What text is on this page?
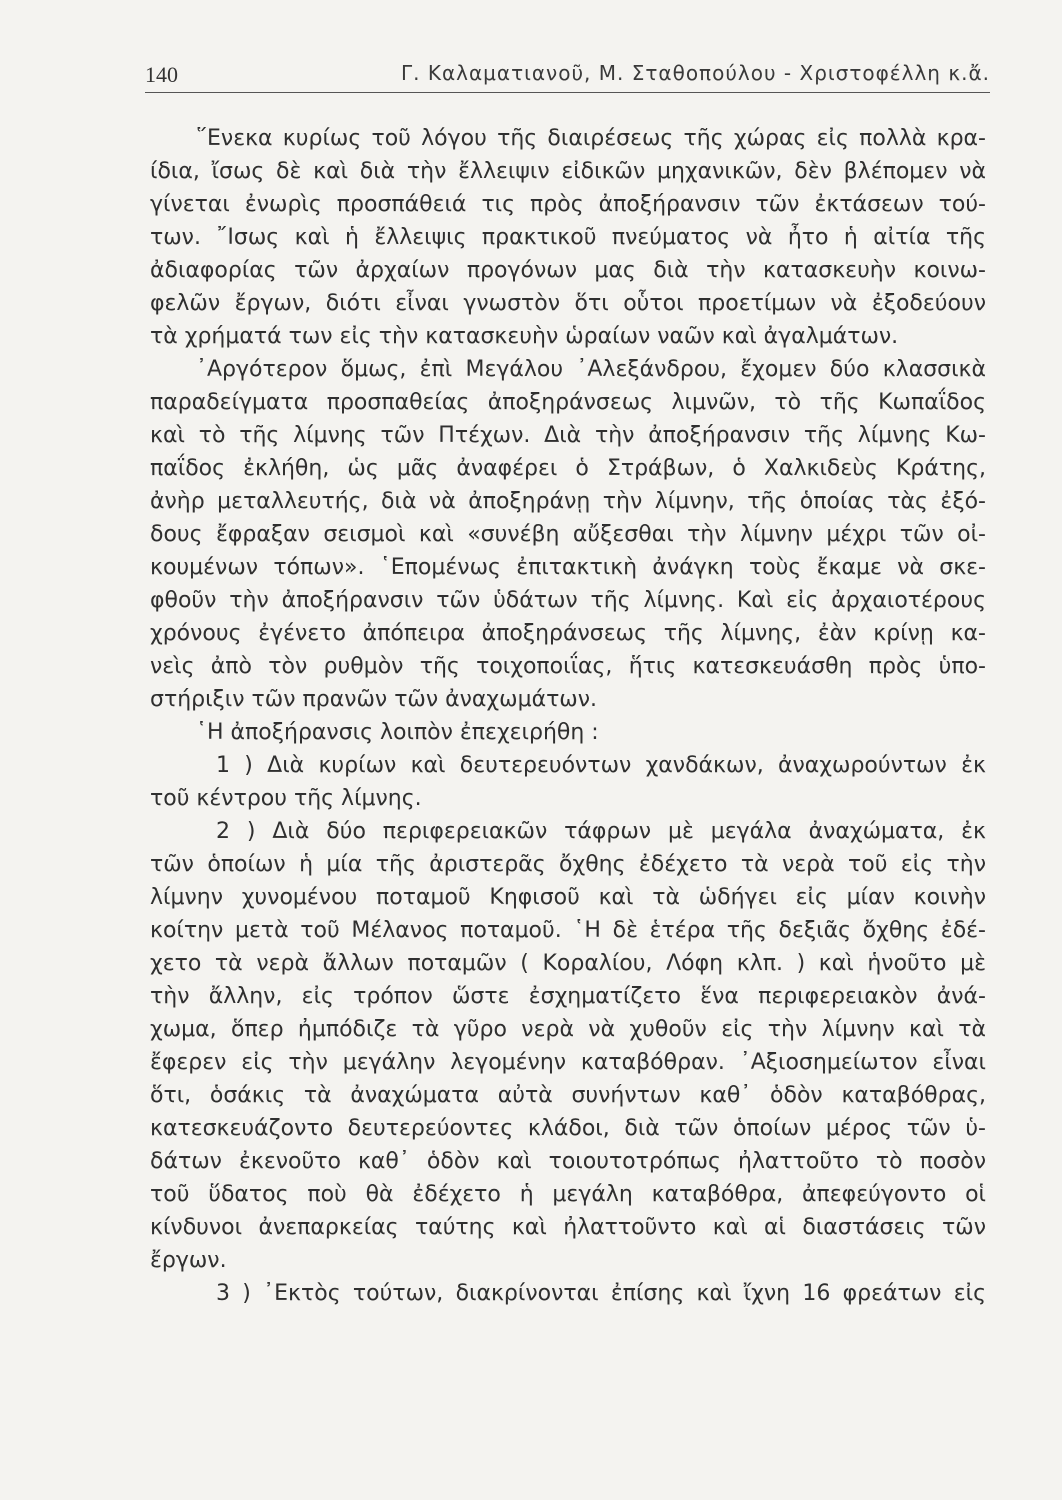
140	Γ. Καλαματιανοῦ, Μ. Σταθοπούλου - Χριστοφέλλη κ.ἄ.
῞Ενεκα κυρίως τοῦ λόγου τῆς διαιρέσεως τῆς χώρας εἰς πολλὰ κρα-
ίδια, ἴσως δὲ καὶ διὰ τὴν ἔλλειψιν εἰδικῶν μηχανικῶν, δὲν βλέπομεν νὰ
γίνεται ἐνωρὶς προσπάθειά τις πρὸς ἀποξήρανσιν τῶν ἐκτάσεων τού-
των. ῎Ισως καὶ ἡ ἔλλειψις πρακτικοῦ πνεύματος νὰ ἦτο ἡ αἰτία τῆς
ἀδιαφορίας τῶν ἀρχαίων προγόνων μας διὰ τὴν κατασκευὴν κοινω-
φελῶν ἔργων, διότι εἶναι γνωστὸν ὅτι οὗτοι προετίμων νὰ ἐξοδεύουν
τὰ χρήματά των εἰς τὴν κατασκευὴν ὡραίων ναῶν καὶ ἀγαλμάτων.
᾿Αργότερον ὅμως, ἐπὶ Μεγάλου ᾿Αλεξάνδρου, ἔχομεν δύο κλασσικὰ
παραδείγματα προσπαθείας ἀποξηράνσεως λιμνῶν, τὸ τῆς Κωπαΐδος
καὶ τὸ τῆς λίμνης τῶν Πτέχων. Διὰ τὴν ἀποξήρανσιν τῆς λίμνης Κω-
παΐδος ἐκλήθη, ὡς μᾶς ἀναφέρει ὁ Στράβων, ὁ Χαλκιδεὺς Κράτης,
ἀνὴρ μεταλλευτής, διὰ νὰ ἀποξηράνῃ τὴν λίμνην, τῆς ὁποίας τὰς ἐξό-
δους ἔφραξαν σεισμοὶ καὶ «συνέβη αὔξεσθαι τὴν λίμνην μέχρι τῶν οἰ-
κουμένων τόπων». ῾Επομένως ἐπιτακτικὴ ἀνάγκη τοὺς ἔκαμε νὰ σκε-
φθοῦν τὴν ἀποξήρανσιν τῶν ὑδάτων τῆς λίμνης. Καὶ εἰς ἀρχαιοτέρους
χρόνους ἐγένετο ἀπόπειρα ἀποξηράνσεως τῆς λίμνης, ἐὰν κρίνῃ κα-
νεὶς ἀπὸ τὸν ρυθμὸν τῆς τοιχοποιΐας, ἥτις κατεσκευάσθη πρὸς ὑπο-
στήριξιν τῶν πρανῶν τῶν ἀναχωμάτων.
῾Η ἀποξήρανσις λοιπὸν ἐπεχειρήθη :
1 ) Διὰ κυρίων καὶ δευτερευόντων χανδάκων, ἀναχωρούντων ἐκ
τοῦ κέντρου τῆς λίμνης.
2 ) Διὰ δύο περιφερειακῶν τάφρων μὲ μεγάλα ἀναχώματα, ἐκ
τῶν ὁποίων ἡ μία τῆς ἀριστερᾶς ὄχθης ἐδέχετο τὰ νερὰ τοῦ εἰς τὴν
λίμνην χυνομένου ποταμοῦ Κηφισοῦ καὶ τὰ ὡδήγει εἰς μίαν κοινὴν
κοίτην μετὰ τοῦ Μέλανος ποταμοῦ. ῾Η δὲ ἑτέρα τῆς δεξιᾶς ὄχθης ἐδέ-
χετο τὰ νερὰ ἄλλων ποταμῶν ( Κοραλίου, Λόφη κλπ. ) καὶ ἡνοῦτο μὲ
τὴν ἄλλην, εἰς τρόπον ὥστε ἐσχηματίζετο ἕνα περιφερειακὸν ἀνά-
χωμα, ὅπερ ἠμπόδιζε τὰ γῦρο νερὰ νὰ χυθοῦν εἰς τὴν λίμνην καὶ τὰ
ἔφερεν εἰς τὴν μεγάλην λεγομένην καταβόθραν. ᾿Αξιοσημείωτον εἶναι
ὅτι, ὁσάκις τὰ ἀναχώματα αὐτὰ συνήντων καθ᾿ ὁδὸν καταβόθρας,
κατεσκευάζοντο δευτερεύοντες κλάδοι, διὰ τῶν ὁποίων μέρος τῶν ὑ-
δάτων ἐκενοῦτο καθ᾿ ὁδὸν καὶ τοιουτοτρόπως ἠλαττοῦτο τὸ ποσὸν
τοῦ ὕδατος ποὺ θὰ ἐδέχετο ἡ μεγάλη καταβόθρα, ἀπεφεύγοντο οἱ
κίνδυνοι ἀνεπαρκείας ταύτης καὶ ἠλαττοῦντο καὶ αἱ διαστάσεις τῶν
ἔργων.
3 ) ᾿Εκτὸς τούτων, διακρίνονται ἐπίσης καὶ ἴχνη 16 φρεάτων εἰς
